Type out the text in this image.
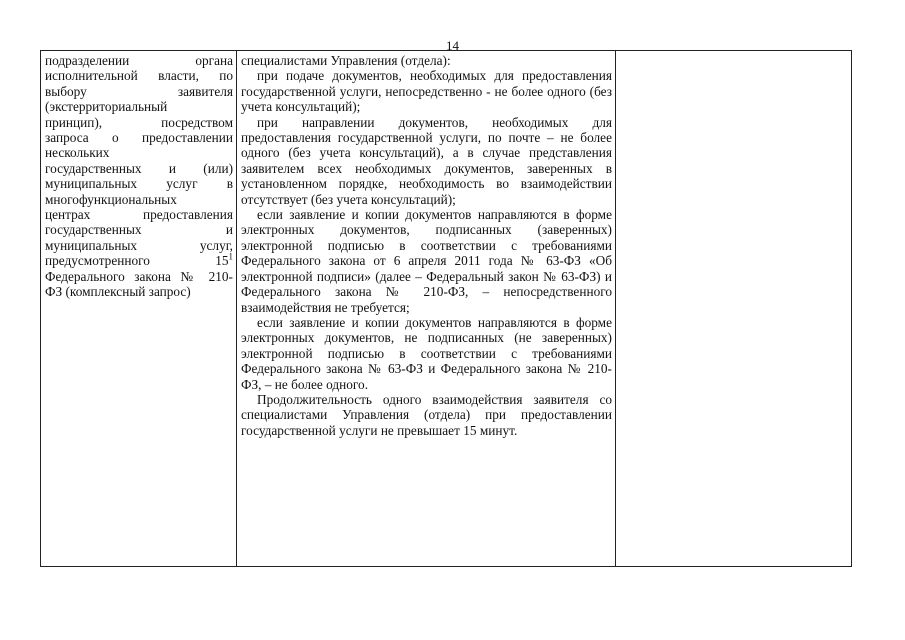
14

подразделении органа

исполнительной власти, по

выбору заявителя

(экстерриториальный

принцип), посредством

запроса о предоставлении

нескольких

государственных и (или)

муниципальных услуг в

многофункциональных

центрах предоставления

государственных и

муниципальных услуг,

предусмотренного 15$^1$

Федерального закона № 210-

ФЗ (комплексный запрос)

специалистами Управления (отдела):

при подаче документов, необходимых для предоставления государственной услуги, непосредственно - не более одного (без учета консультаций);

при направлении документов, необходимых для предоставления государственной услуги, по почте – не более одного (без учета консультаций), а в случае представления заявителем всех необходимых документов, заверенных в установленном порядке, необходимость во взаимодействии отсутствует (без учета консультаций);

если заявление и копии документов направляются в форме электронных документов, подписанных (заверенных) электронной подписью в соответствии с требованиями Федерального закона от 6 апреля 2011 года № 63-ФЗ «Об электронной подписи» (далее – Федеральный закон № 63-ФЗ) и Федерального закона № 210-ФЗ, – непосредственного взаимодействия не требуется;

если заявление и копии документов направляются в форме электронных документов, не подписанных (не заверенных) электронной подписью в соответствии с требованиями Федерального закона № 63-ФЗ и Федерального закона № 210-ФЗ, – не более одного.

Продолжительность одного взаимодействия заявителя со специалистами Управления (отдела) при предоставлении государственной услуги не превышает 15 минут.
